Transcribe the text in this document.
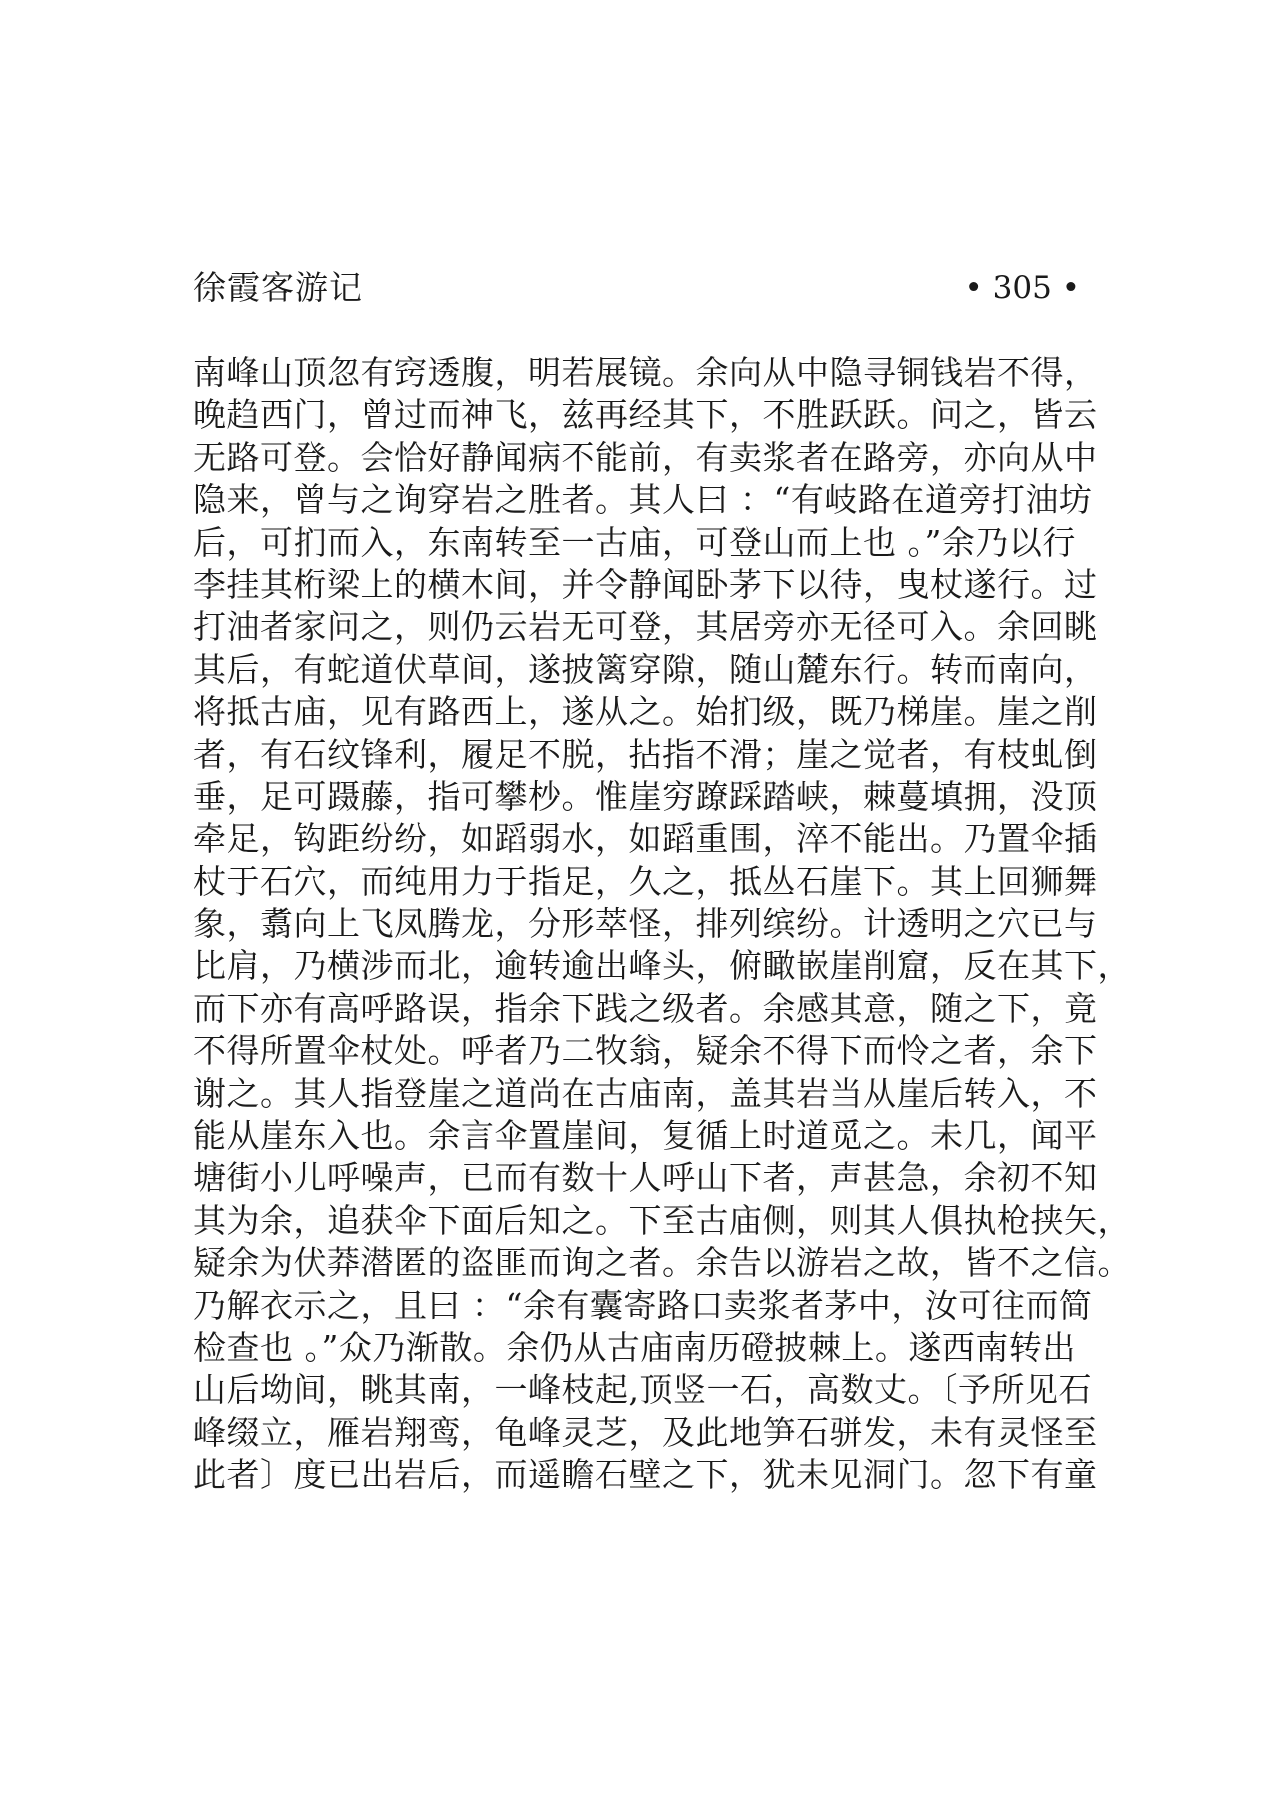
徐霞客游记	• 305 •
南峰山顶忽有窍透腹，明若展镜。余向从中隐寻铜钱岩不得，
晚趋西门，曾过而神飞，兹再经其下，不胜跃跃。问之，皆云
无路可登。会恰好静闻病不能前，有卖浆者在路旁，亦向从中
隐来，曾与之询穿岩之胜者。其人曰 ：“有岐路在道旁打油坊
后，可扪而入，东南转至一古庙，可登山而上也 。”余乃以行
李挂其桁梁上的横木间，并令静闻卧茅下以待，曳杖遂行。过
打油者家问之，则仍云岩无可登，其居旁亦无径可入。余回眺
其后，有蛇道伏草间，遂披篱穿隙，随山麓东行。转而南向，
将抵古庙，见有路西上，遂从之。始扪级，既乃梯崖。崖之削
者，有石纹锋利，履足不脱，拈指不滑；崖之觉者，有枝虬倒
垂，足可蹑藤，指可攀杪。惟崖穷蹽踩踏峡，棘蔓填拥，没顶
牵足，钩距纷纷，如蹈弱水，如蹈重围，淬不能出。乃置伞插
杖于石穴，而纯用力于指足，久之，抵丛石崖下。其上回狮舞
象，翥向上飞凤腾龙，分形萃怪，排列缤纷。计透明之穴已与
比肩，乃横涉而北，逾转逾出峰头，俯瞰嵌崖削窟，反在其下，
而下亦有高呼路误，指余下践之级者。余感其意，随之下，竟
不得所置伞杖处。呼者乃二牧翁，疑余不得下而怜之者，余下
谢之。其人指登崖之道尚在古庙南，盖其岩当从崖后转入，不
能从崖东入也。余言伞置崖间，复循上时道觅之。未几，闻平
塘街小儿呼噪声，已而有数十人呼山下者，声甚急，余初不知
其为余，追获伞下面后知之。下至古庙侧，则其人俱执枪挟矢，
疑余为伏莽潜匿的盗匪而询之者。余告以游岩之故，皆不之信。
乃解衣示之，且曰 ：“余有囊寄路口卖浆者茅中，汝可往而简
检查也 。”众乃渐散。余仍从古庙南历磴披棘上。遂西南转出
山后坳间，眺其南，一峰枝起,顶竖一石，高数丈。〔予所见石
峰缀立，雁岩翔鸾，龟峰灵芝，及此地笋石骈发，未有灵怪至
此者〕度已出岩后，而遥瞻石壁之下，犹未见洞门。忽下有童
